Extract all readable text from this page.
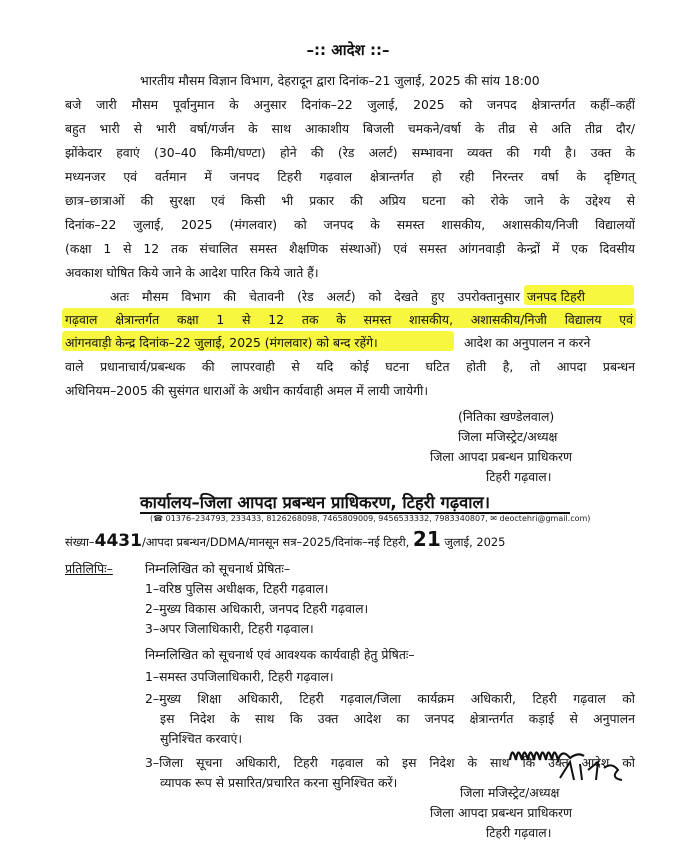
–:: आदेश ::–
भारतीय मौसम विज्ञान विभाग, देहरादून द्वारा दिनांक–21 जुलाई, 2025 की सांय 18:00
बजे जारी मौसम पूर्वानुमान के अनुसार दिनांक–22 जुलाई, 2025 को जनपद क्षेत्रान्तर्गत कहीं–कहीं
बहुत भारी से भारी वर्षा/गर्जन के साथ आकाशीय बिजली चमकने/वर्षा के तीव्र से अति तीव्र दौर/
झोंकेदार हवाएं (30–40 किमी/घण्टा) होने की (रेड अलर्ट) सम्भावना व्यक्त की गयी है। उक्त के
मध्यनजर एवं वर्तमान में जनपद टिहरी गढ़वाल क्षेत्रान्तर्गत हो रही निरन्तर वर्षा के दृष्टिगत्
छात्र–छात्राओं की सुरक्षा एवं किसी भी प्रकार की अप्रिय घटना को रोके जाने के उद्देश्य से
दिनांक–22 जुलाई, 2025 (मंगलवार) को जनपद के समस्त शासकीय, अशासकीय/निजी विद्यालयों
(कक्षा 1 से 12 तक संचालित समस्त शैक्षणिक संस्थाओं) एवं समस्त आंगनवाड़ी केन्द्रों में एक दिवसीय
अवकाश घोषित किये जाने के आदेश पारित किये जाते हैं।
अतः मौसम विभाग की चेतावनी (रेड अलर्ट) को देखते हुए उपरोक्तानुसार जनपद टिहरी
गढ़वाल क्षेत्रान्तर्गत कक्षा 1 से 12 तक के समस्त शासकीय, अशासकीय/निजी विद्यालय एवं
आंगनवाड़ी केन्द्र दिनांक–22 जुलाई, 2025 (मंगलवार) को बन्द रहेंगे।	आदेश का अनुपालन न करने
वाले प्रधानाचार्य/प्रबन्धक की लापरवाही से यदि कोई घटना घटित होती है, तो आपदा प्रबन्धन
अधिनियम–2005 की सुसंगत धाराओं के अधीन कार्यवाही अमल में लायी जायेगी।
(नितिका खण्डेलवाल)
जिला मजिस्ट्रेट/अध्यक्ष
जिला आपदा प्रबन्धन प्राधिकरण
टिहरी गढ़वाल।
कार्यालय–जिला आपदा प्रबन्धन प्राधिकरण, टिहरी गढ़वाल।
(☎ 01376–234793, 233433, 8126268098, 7465809009, 9456533332, 7983340807, ✉ deoctehri@gmail.com)
संख्या–4431/आपदा प्रबन्धन/DDMA/मानसून सत्र–2025/दिनांक–नई टिहरी, 21 जुलाई, 2025
प्रतिलिपिः–	निम्नलिखित को सूचनार्थ प्रेषितः–
1–वरिष्ठ पुलिस अधीक्षक, टिहरी गढ़वाल।
2–मुख्य विकास अधिकारी, जनपद टिहरी गढ़वाल।
3–अपर जिलाधिकारी, टिहरी गढ़वाल।
निम्नलिखित को सूचनार्थ एवं आवश्यक कार्यवाही हेतु प्रेषितः–
1–समस्त उपजिलाधिकारी, टिहरी गढ़वाल।
2–मुख्य शिक्षा अधिकारी, टिहरी गढ़वाल/जिला कार्यक्रम अधिकारी, टिहरी गढ़वाल को
इस निदेश के साथ कि उक्त आदेश का जनपद क्षेत्रान्तर्गत कड़ाई से अनुपालन
सुनिश्चित करवाएं।
3–जिला सूचना अधिकारी, टिहरी गढ़वाल को इस निदेश के साथ कि उक्त आदेश को
व्यापक रूप से प्रसारित/प्रचारित करना सुनिश्चित करें।
जिला मजिस्ट्रेट/अध्यक्ष
जिला आपदा प्रबन्धन प्राधिकरण
टिहरी गढ़वाल।
